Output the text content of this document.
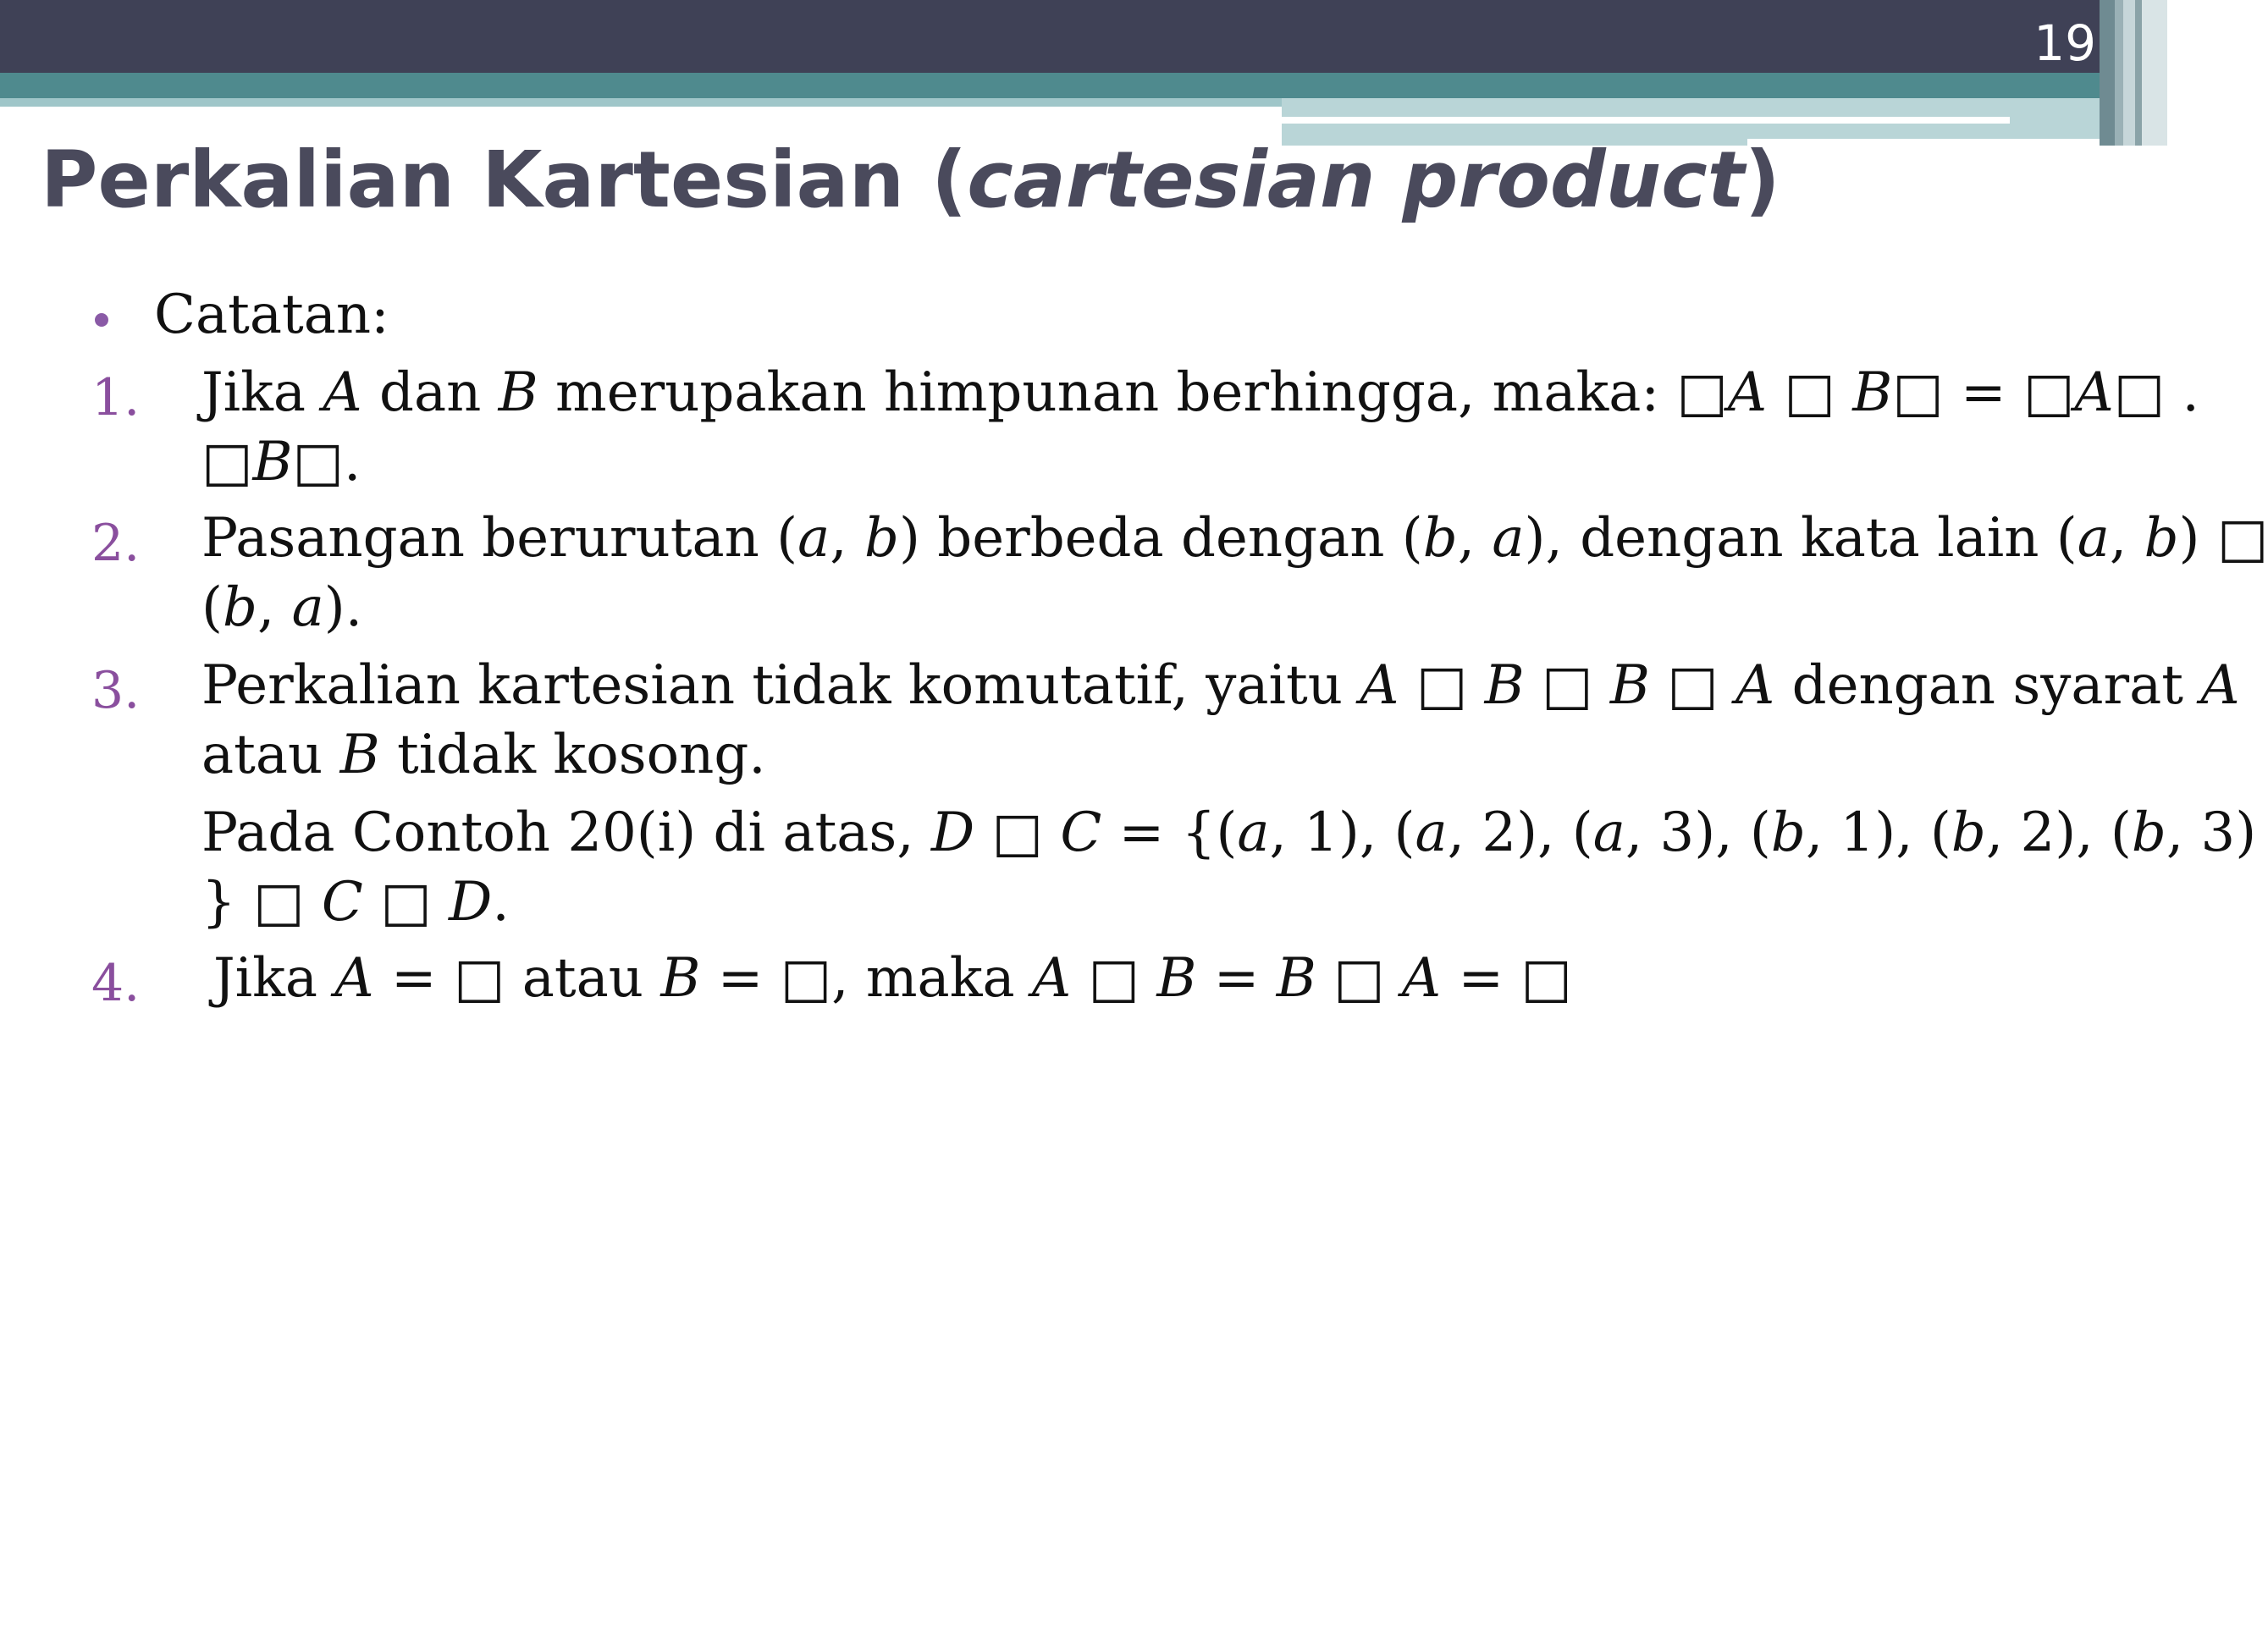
19
Perkalian Kartesian (cartesian product)
Catatan:
1. Jika A dan B merupakan himpunan berhingga, maka: □A □ B□ = □A□ .
□B□.
2. Pasangan berurutan (a, b) berbeda dengan (b, a), dengan kata lain (a, b) □
(b, a).
3. Perkalian kartesian tidak komutatif, yaitu A □ B □ B □ A dengan syarat A
atau B tidak kosong.
Pada Contoh 20(i) di atas, D □ C = {(a, 1), (a, 2), (a, 3), (b, 1), (b, 2), (b, 3)
} □ C □ D.
4. Jika A = □ atau B = □, maka A □ B = B □ A = □
